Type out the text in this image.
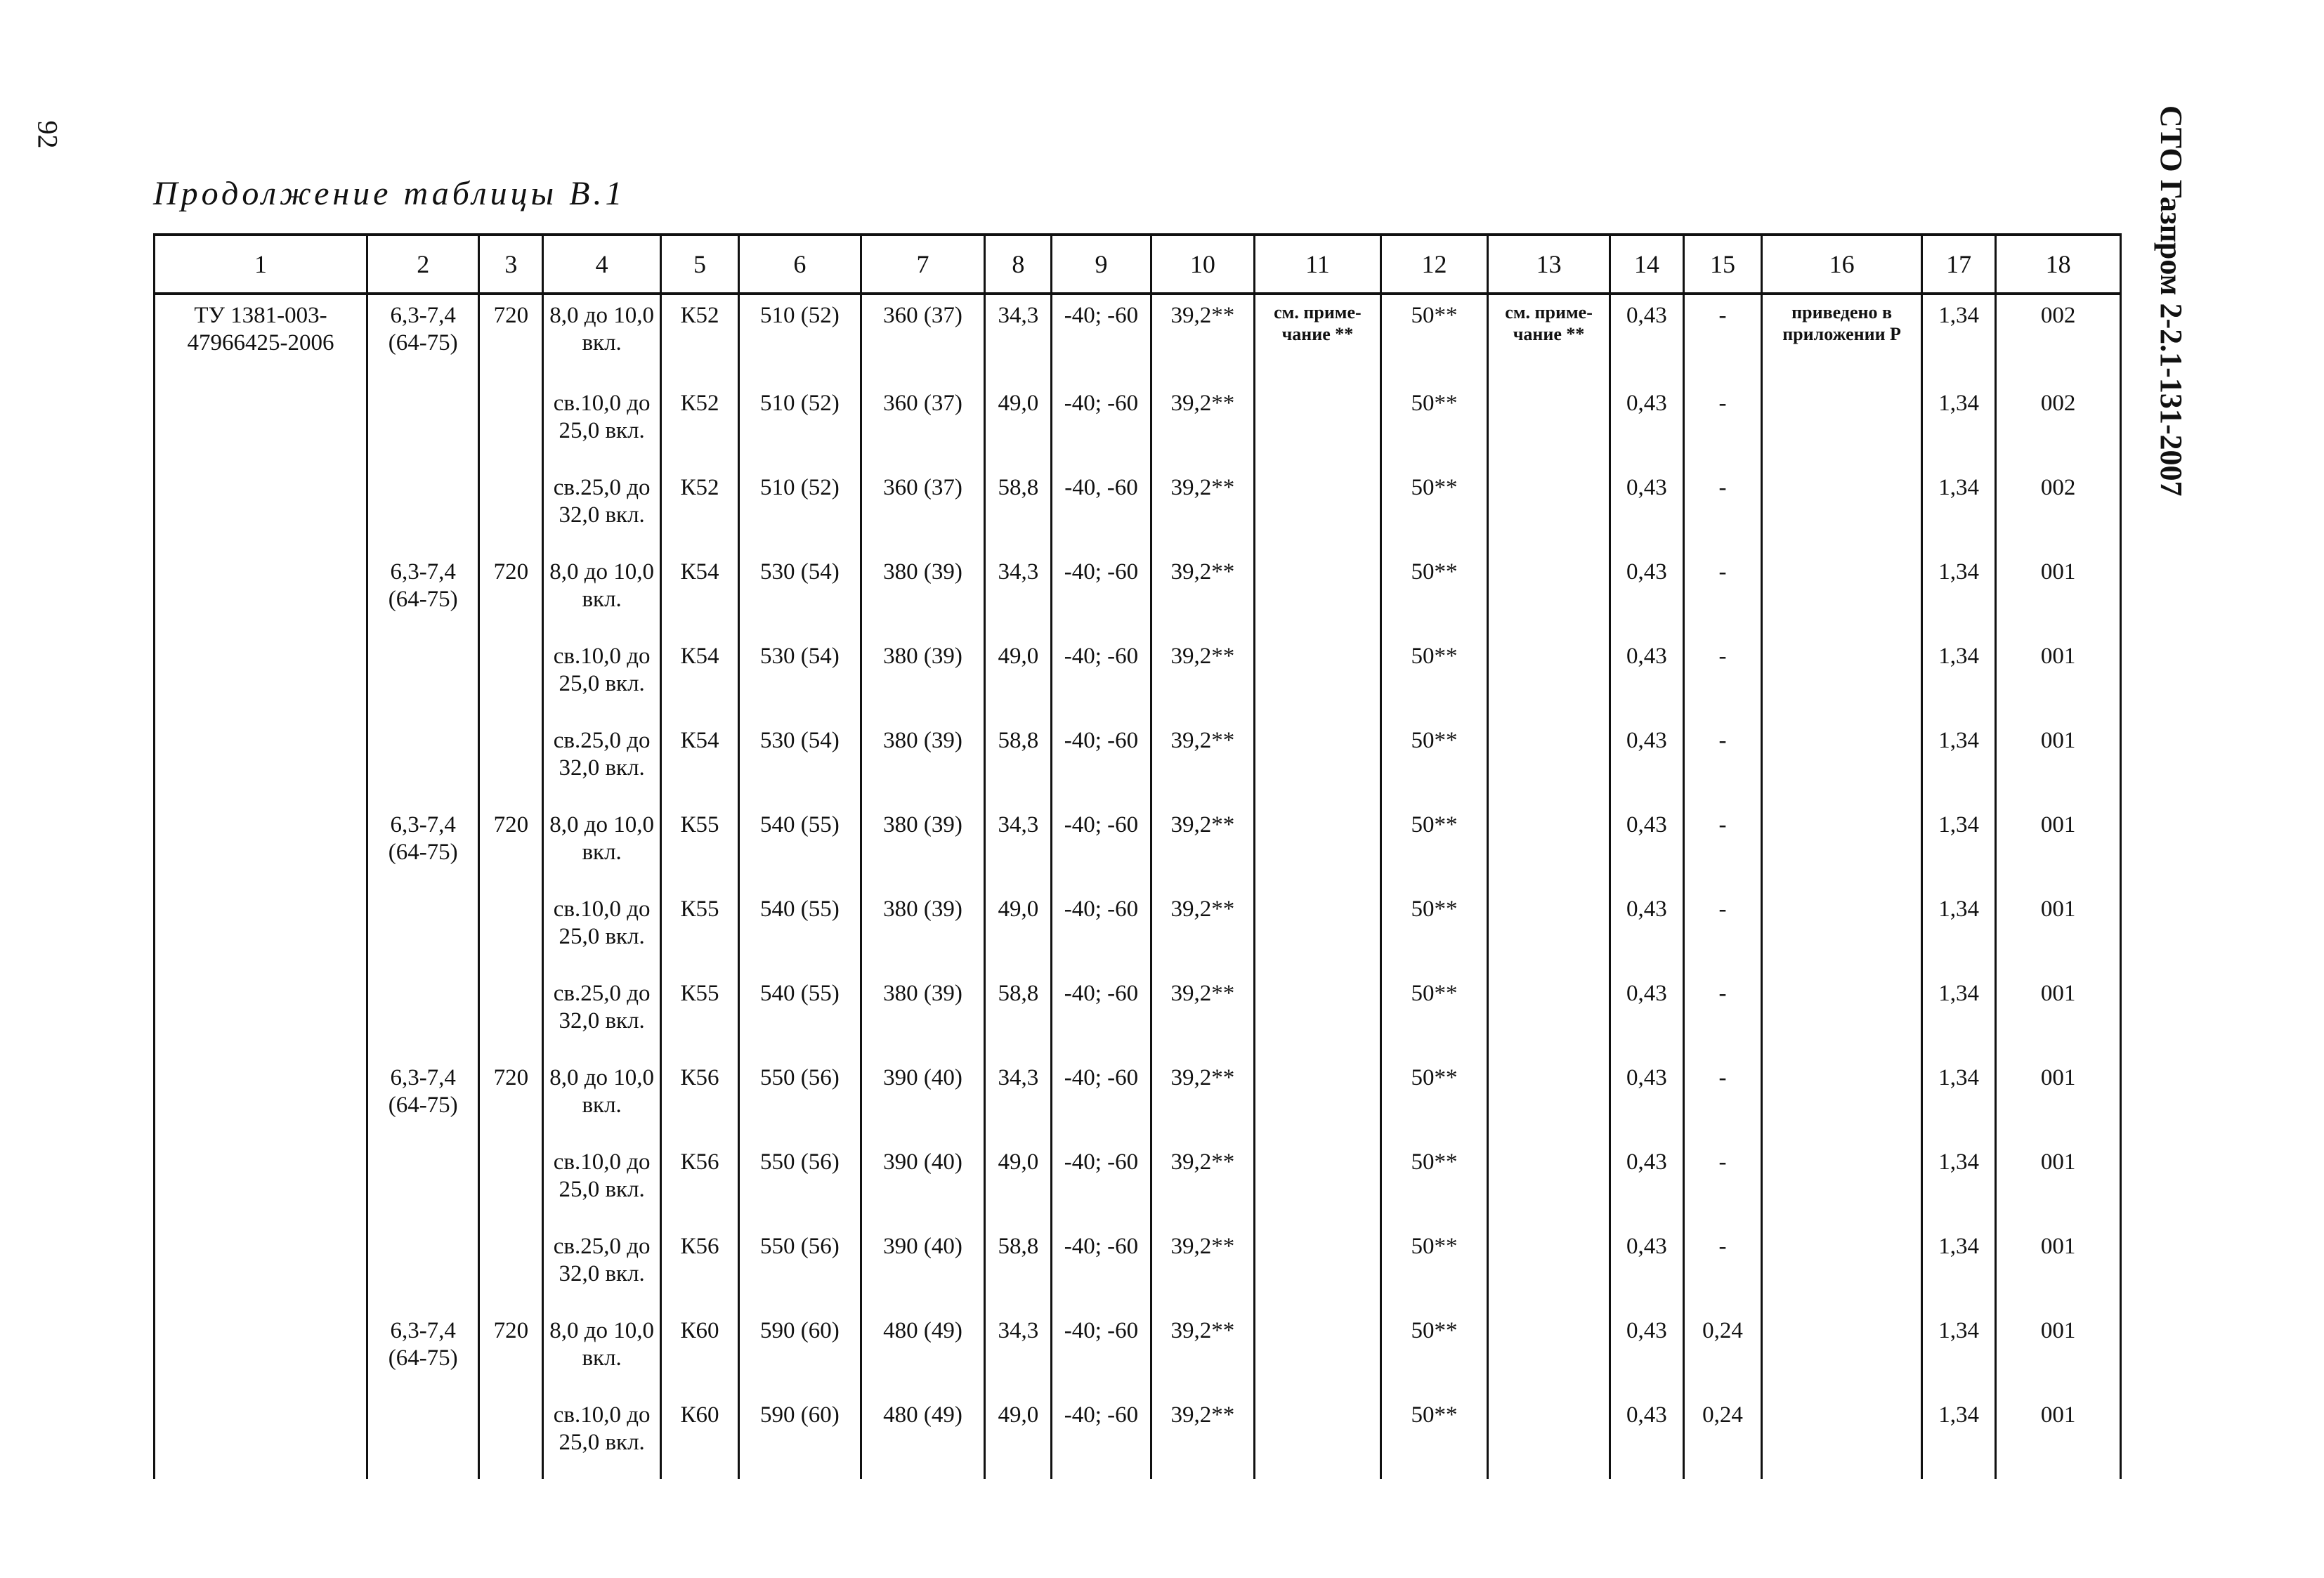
92	СТО Газпром 2-2.1-131-2007
Продолжение таблицы В.1
1	2	3	4	5	6	7	8	9	10	11	12	13	14	15	16	17	18
ТУ 1381-003-47966425-2006	6,3-7,4 (64-75)	720	8,0 до 10,0 вкл.	К52	510 (52)	360 (37)	34,3	-40; -60	39,2**	см. приме-чание **	50**	см. приме-чание **	0,43	-	приведено в приложении Р	1,34	002
			св.10,0 до 25,0 вкл.	К52	510 (52)	360 (37)	49,0	-40; -60	39,2**		50**		0,43	-		1,34	002
			св.25,0 до 32,0 вкл.	К52	510 (52)	360 (37)	58,8	-40, -60	39,2**		50**		0,43	-		1,34	002
	6,3-7,4 (64-75)	720	8,0 до 10,0 вкл.	К54	530 (54)	380 (39)	34,3	-40; -60	39,2**		50**		0,43	-		1,34	001
			св.10,0 до 25,0 вкл.	К54	530 (54)	380 (39)	49,0	-40; -60	39,2**		50**		0,43	-		1,34	001
			св.25,0 до 32,0 вкл.	К54	530 (54)	380 (39)	58,8	-40; -60	39,2**		50**		0,43	-		1,34	001
	6,3-7,4 (64-75)	720	8,0 до 10,0 вкл.	К55	540 (55)	380 (39)	34,3	-40; -60	39,2**		50**		0,43	-		1,34	001
			св.10,0 до 25,0 вкл.	К55	540 (55)	380 (39)	49,0	-40; -60	39,2**		50**		0,43	-		1,34	001
			св.25,0 до 32,0 вкл.	К55	540 (55)	380 (39)	58,8	-40; -60	39,2**		50**		0,43	-		1,34	001
	6,3-7,4 (64-75)	720	8,0 до 10,0 вкл.	К56	550 (56)	390 (40)	34,3	-40; -60	39,2**		50**		0,43	-		1,34	001
			св.10,0 до 25,0 вкл.	К56	550 (56)	390 (40)	49,0	-40; -60	39,2**		50**		0,43	-		1,34	001
			св.25,0 до 32,0 вкл.	К56	550 (56)	390 (40)	58,8	-40; -60	39,2**		50**		0,43	-		1,34	001
	6,3-7,4 (64-75)	720	8,0 до 10,0 вкл.	К60	590 (60)	480 (49)	34,3	-40; -60	39,2**		50**		0,43	0,24		1,34	001
			св.10,0 до 25,0 вкл.	К60	590 (60)	480 (49)	49,0	-40; -60	39,2**		50**		0,43	0,24		1,34	001
